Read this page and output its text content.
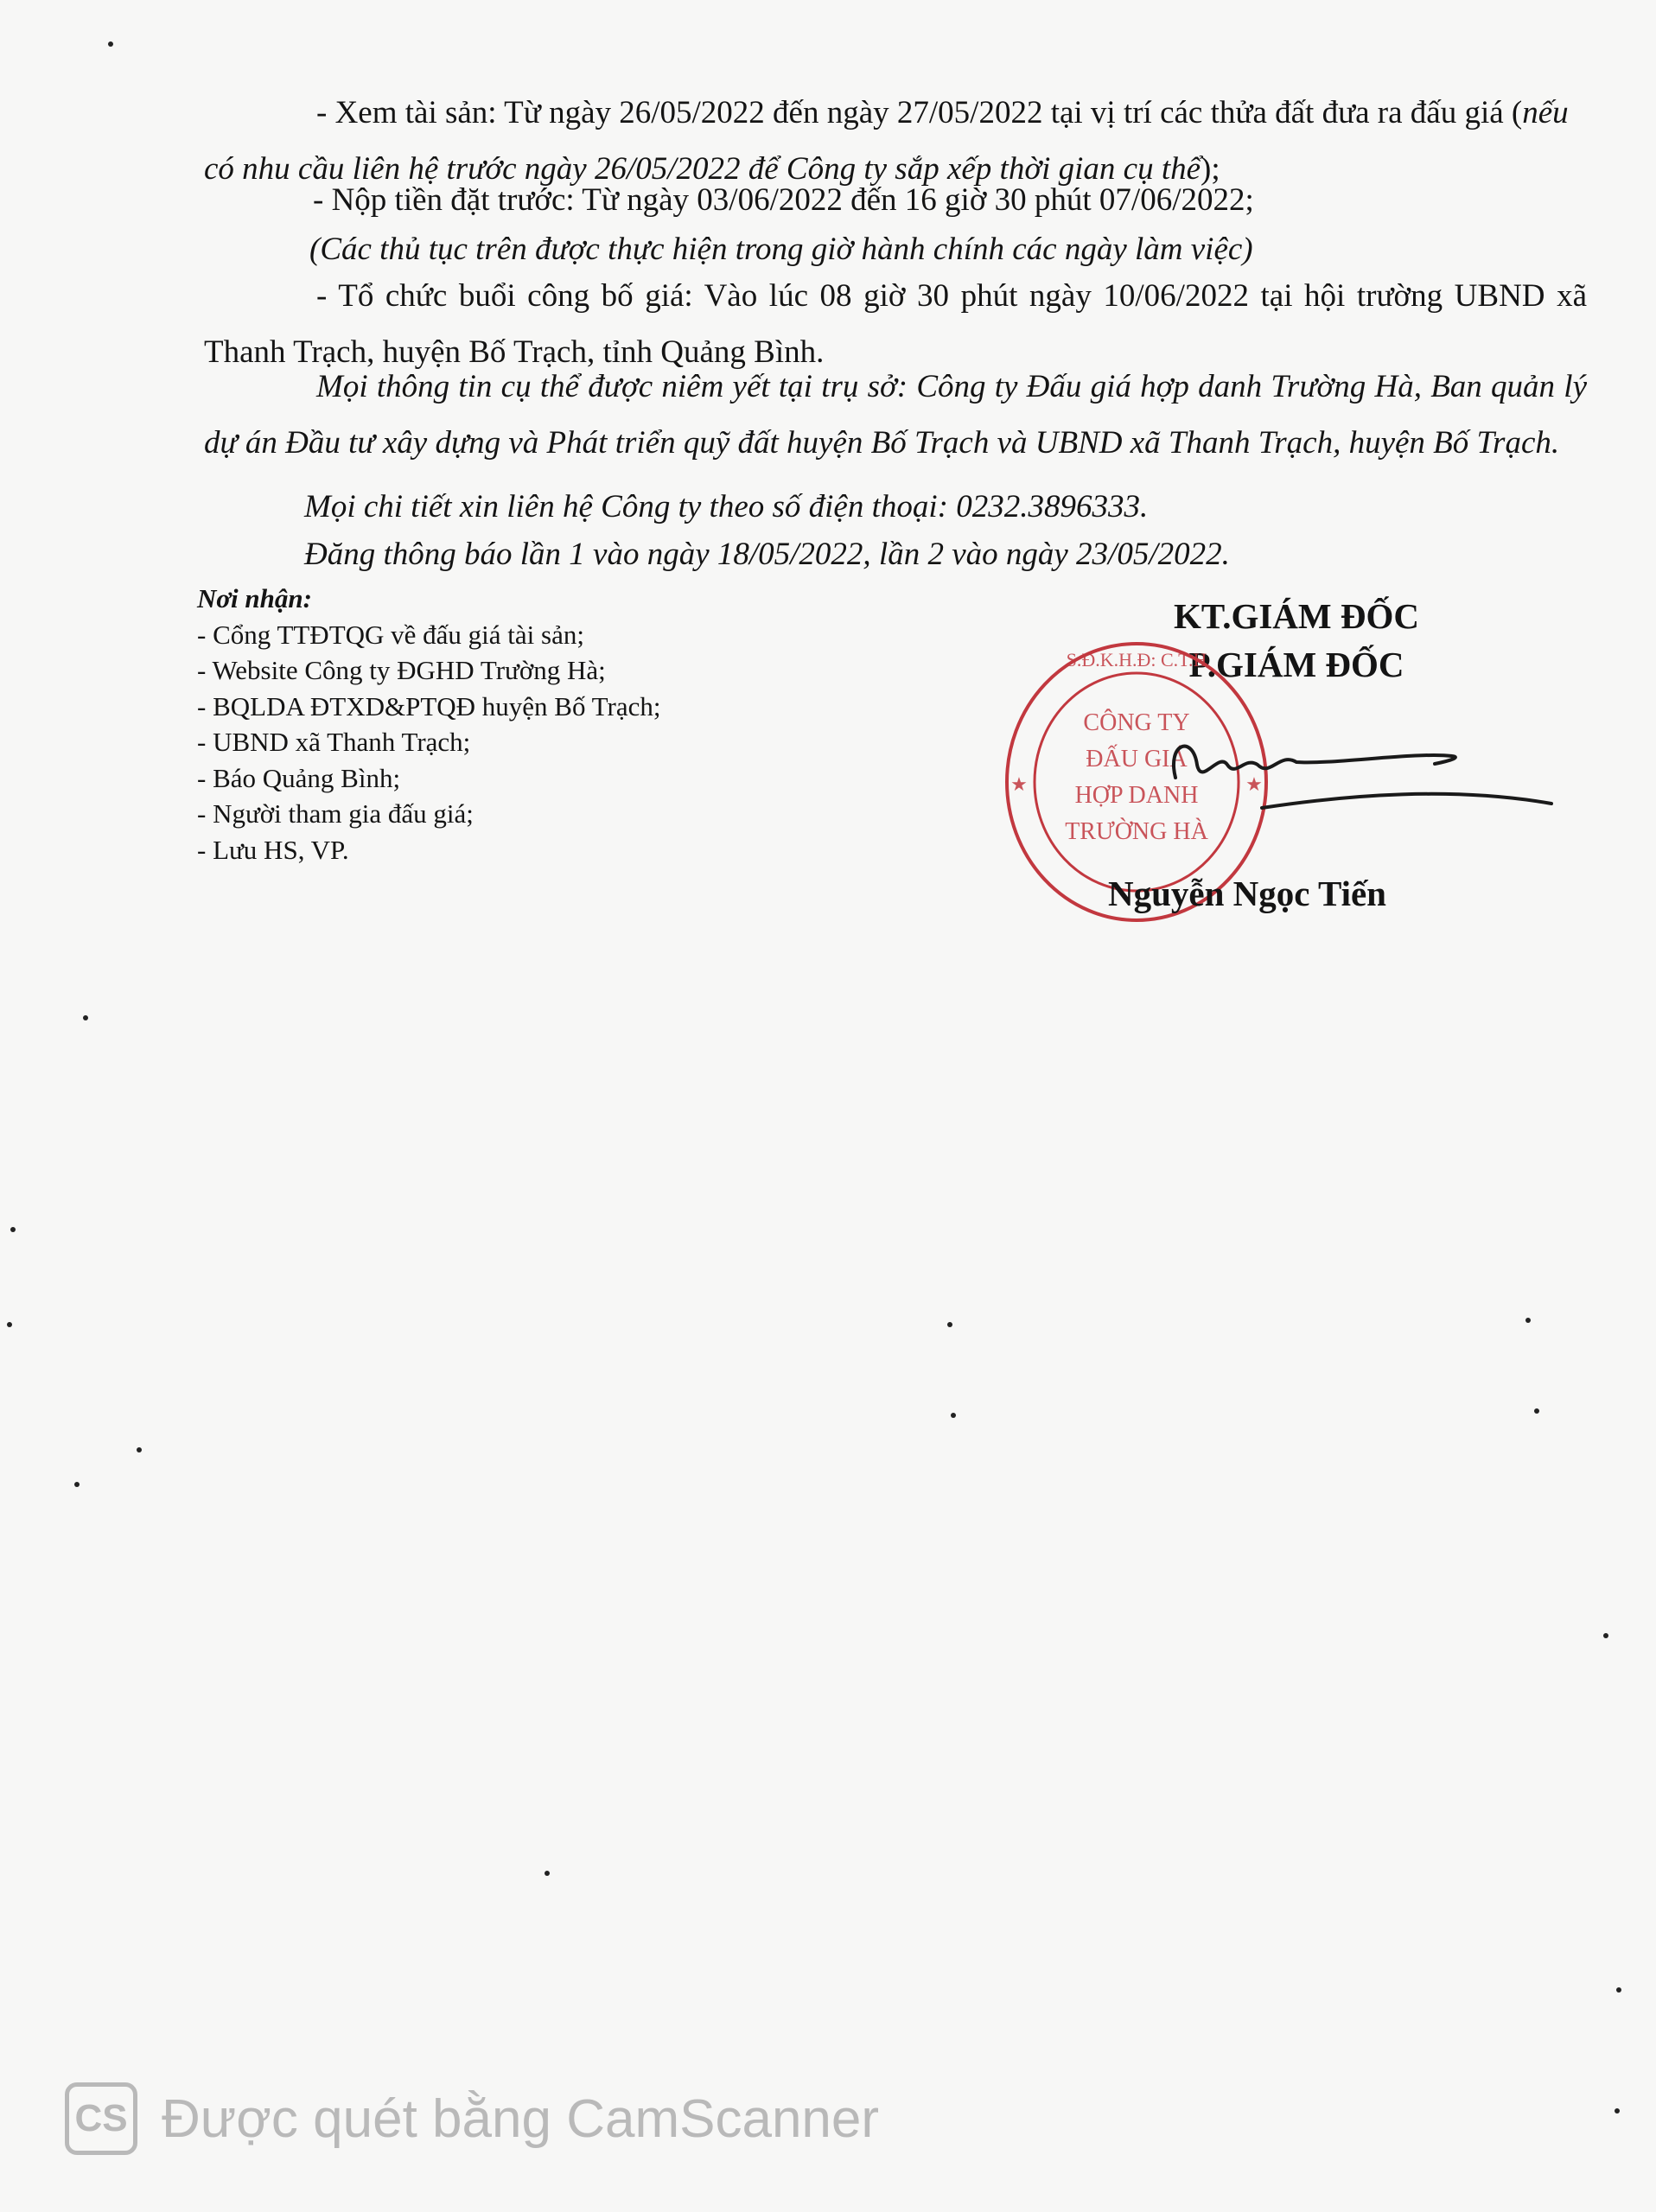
- Xem tài sản: Từ ngày 26/05/2022 đến ngày 27/05/2022 tại vị trí các thửa đất đưa ra đấu giá (nếu có nhu cầu liên hệ trước ngày 26/05/2022 để Công ty sắp xếp thời gian cụ thể);
- Nộp tiền đặt trước: Từ ngày 03/06/2022 đến 16 giờ 30 phút 07/06/2022;
(Các thủ tục trên được thực hiện trong giờ hành chính các ngày làm việc)
- Tổ chức buổi công bố giá: Vào lúc 08 giờ 30 phút ngày 10/06/2022 tại hội trường UBND xã Thanh Trạch, huyện Bố Trạch, tỉnh Quảng Bình.
Mọi thông tin cụ thể được niêm yết tại trụ sở: Công ty Đấu giá hợp danh Trường Hà, Ban quản lý dự án Đầu tư xây dựng và Phát triển quỹ đất huyện Bố Trạch và UBND xã Thanh Trạch, huyện Bố Trạch.
Mọi chi tiết xin liên hệ Công ty theo số điện thoại: 0232.3896333.
Đăng thông báo lần 1 vào ngày 18/05/2022, lần 2 vào ngày 23/05/2022.
Nơi nhận:
- Cổng TTĐTQG về đấu giá tài sản;
- Website Công ty ĐGHD Trường Hà;
- BQLDA ĐTXD&PTQĐ huyện Bố Trạch;
- UBND xã Thanh Trạch;
- Báo Quảng Bình;
- Người tham gia đấu giá;
- Lưu HS, VP.
KT.GIÁM ĐỐC
P.GIÁM ĐỐC
CÔNG TY
ĐẤU GIÁ
HỢP DANH
TRƯỜNG HÀ
S.Đ.K.H.Đ: C.T.H
★	★
Nguyễn Ngọc Tiến
CS Được quét bằng CamScanner
